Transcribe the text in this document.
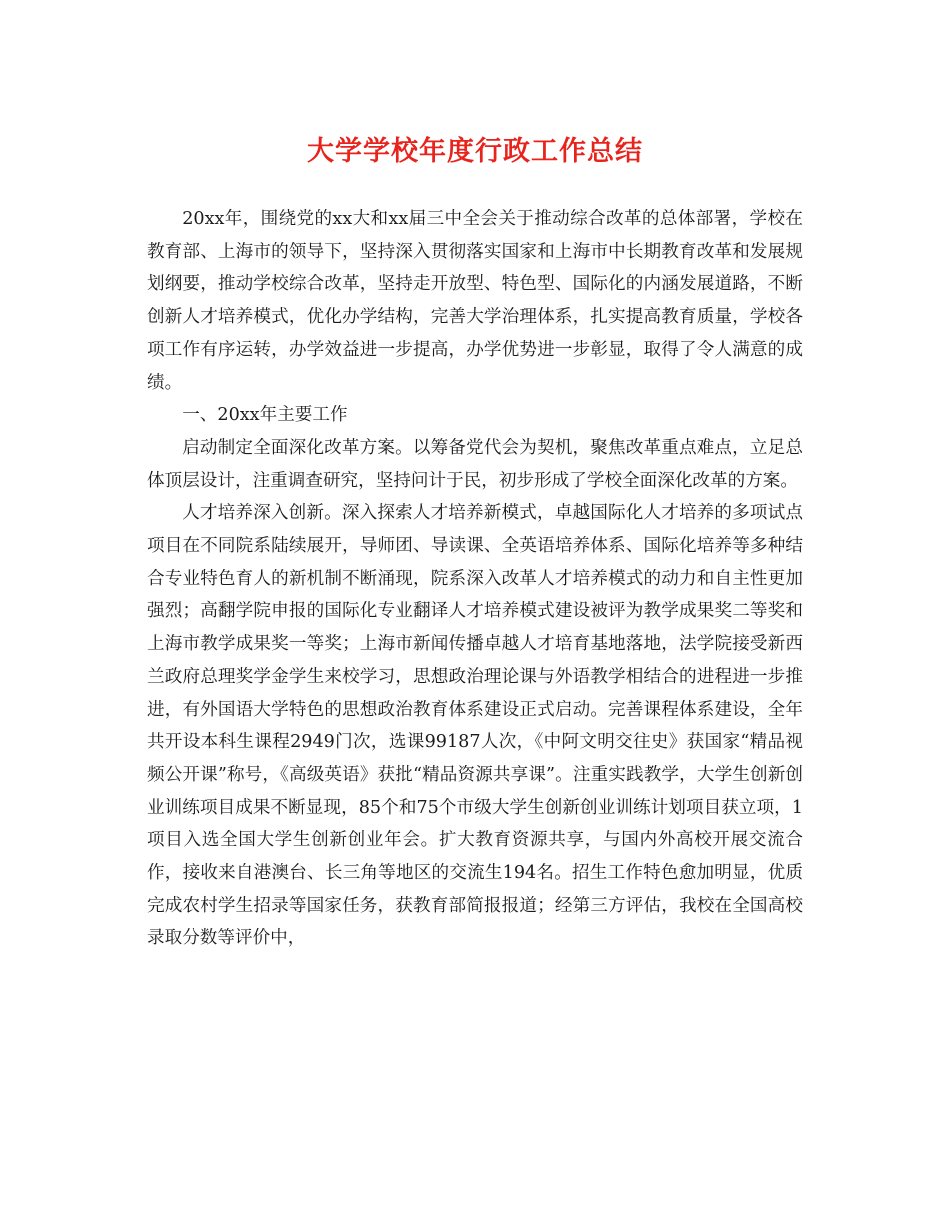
大学学校年度行政工作总结

20xx年，围绕党的xx大和xx届三中全会关于推动综合改革的总体部署，学校在教育部、上海市的领导下，坚持深入贯彻落实国家和上海市中长期教育改革和发展规划纲要，推动学校综合改革，坚持走开放型、特色型、国际化的内涵发展道路，不断创新人才培养模式，优化办学结构，完善大学治理体系，扎实提高教育质量，学校各项工作有序运转，办学效益进一步提高，办学优势进一步彰显，取得了令人满意的成绩。

一、20xx年主要工作

启动制定全面深化改革方案。以筹备党代会为契机，聚焦改革重点难点，立足总体顶层设计，注重调查研究，坚持问计于民，初步形成了学校全面深化改革的方案。

人才培养深入创新。深入探索人才培养新模式，卓越国际化人才培养的多项试点项目在不同院系陆续展开，导师团、导读课、全英语培养体系、国际化培养等多种结合专业特色育人的新机制不断涌现，院系深入改革人才培养模式的动力和自主性更加强烈；高翻学院申报的国际化专业翻译人才培养模式建设被评为教学成果奖二等奖和上海市教学成果奖一等奖；上海市新闻传播卓越人才培育基地落地，法学院接受新西兰政府总理奖学金学生来校学习，思想政治理论课与外语教学相结合的进程进一步推进，有外国语大学特色的思想政治教育体系建设正式启动。完善课程体系建设，全年共开设本科生课程2949门次，选课99187人次，《中阿文明交往史》获国家“精品视频公开课”称号，《高级英语》获批“精品资源共享课”。注重实践教学，大学生创新创业训练项目成果不断显现，85个和75个市级大学生创新创业训练计划项目获立项，1项目入选全国大学生创新创业年会。扩大教育资源共享，与国内外高校开展交流合作，接收来自港澳台、长三角等地区的交流生194名。招生工作特色愈加明显，优质完成农村学生招录等国家任务，获教育部简报报道；经第三方评估，我校在全国高校录取分数等评价中，
